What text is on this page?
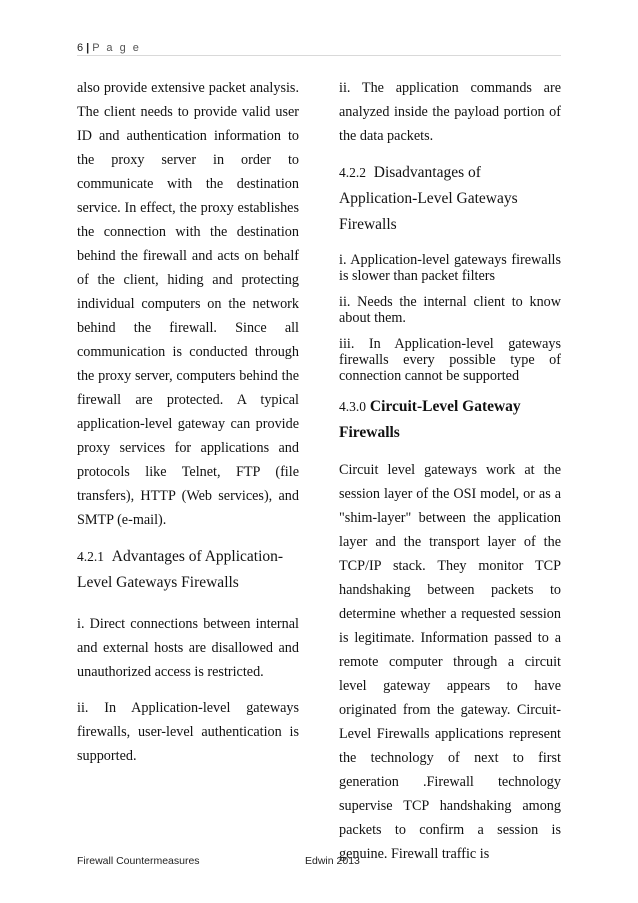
6 | P a g e

also provide extensive packet analysis. The client needs to provide valid user ID and authentication information to the proxy server in order to communicate with the destination service. In effect, the proxy establishes the connection with the destination behind the firewall and acts on behalf of the client, hiding and protecting individual computers on the network behind the firewall. Since all communication is conducted through the proxy server, computers behind the firewall are protected. A typical application-level gateway can provide proxy services for applications and protocols like Telnet, FTP (file transfers), HTTP (Web services), and SMTP (e-mail).

4.2.1 Advantages of Application-Level Gateways Firewalls

i. Direct connections between internal and external hosts are disallowed and unauthorized access is restricted.

ii. In Application-level gateways firewalls, user-level authentication is supported.

ii. The application commands are analyzed inside the payload portion of the data packets.

4.2.2 Disadvantages of Application-Level Gateways Firewalls

i. Application-level gateways firewalls is slower than packet filters

ii. Needs the internal client to know about them.

iii. In Application-level gateways firewalls every possible type of connection cannot be supported

4.3.0 Circuit-Level Gateway Firewalls

Circuit level gateways work at the session layer of the OSI model, or as a "shim-layer" between the application layer and the transport layer of the TCP/IP stack. They monitor TCP handshaking between packets to determine whether a requested session is legitimate. Information passed to a remote computer through a circuit level gateway appears to have originated from the gateway. Circuit-Level Firewalls applications represent the technology of next to first generation .Firewall technology supervise TCP handshaking among packets to confirm a session is genuine. Firewall traffic is

Firewall Countermeasures	Edwin 2013
